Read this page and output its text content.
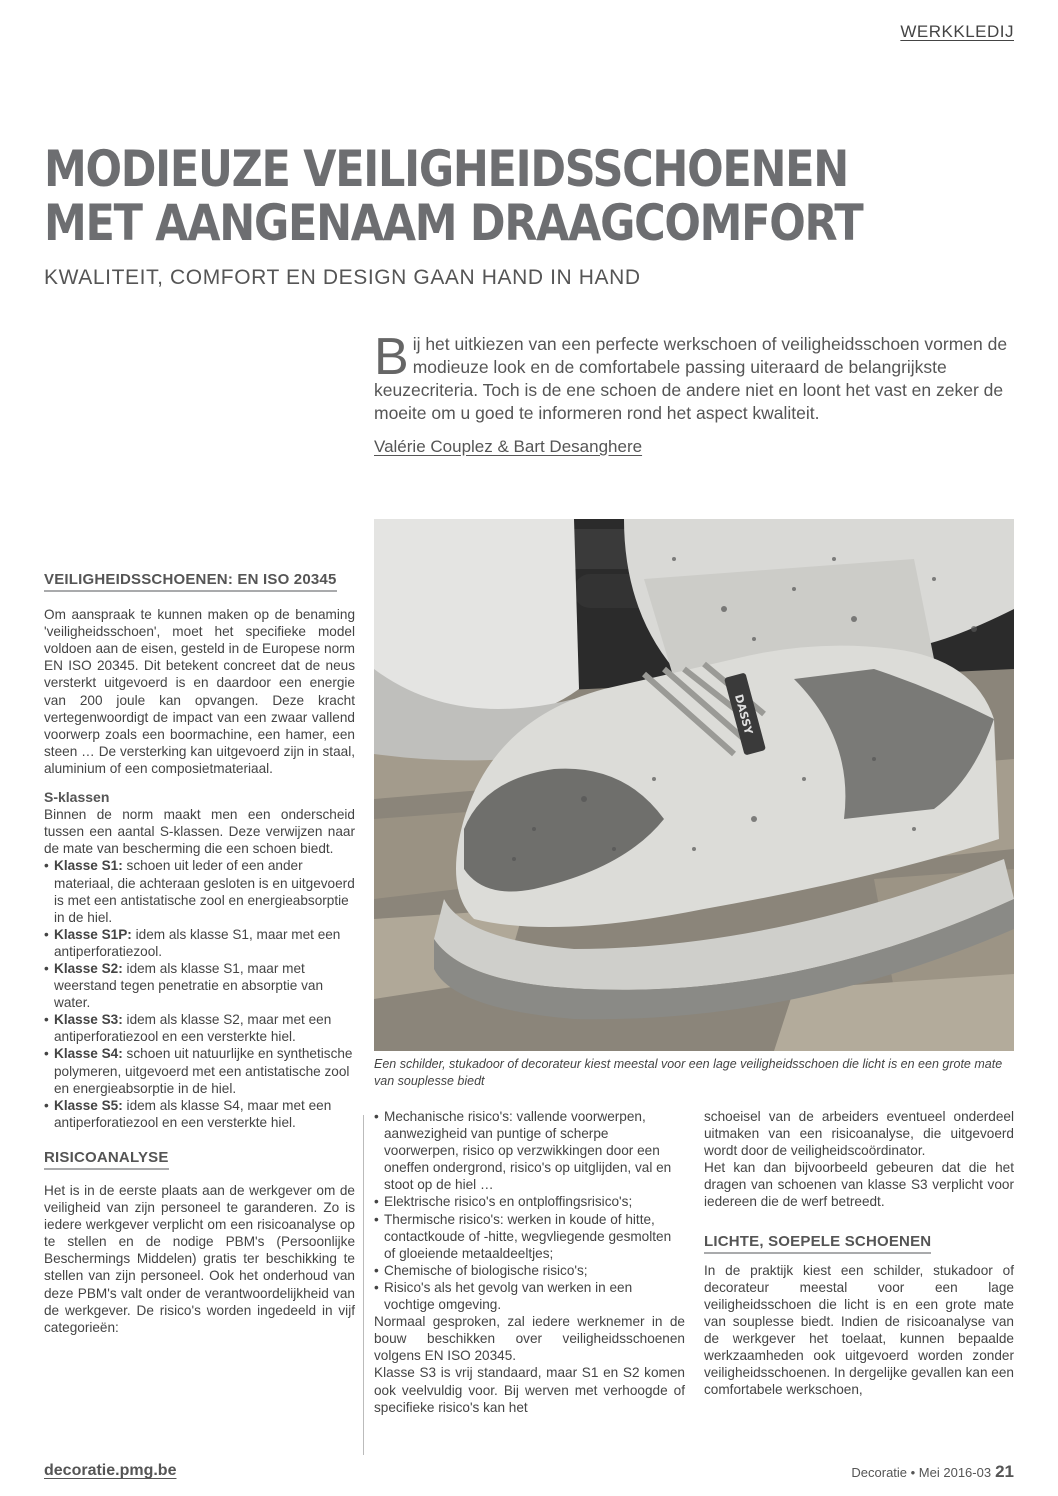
WERKKLEDIJ
MODIEUZE VEILIGHEIDSSCHOENEN
MET AANGENAAM DRAAGCOMFORT
KWALITEIT, COMFORT EN DESIGN GAAN HAND IN HAND
Bij het uitkiezen van een perfecte werkschoen of veiligheidsschoen vormen de modieuze look en de comfortabele passing uiteraard de belangrijkste keuzecriteria. Toch is de ene schoen de andere niet en loont het vast en zeker de moeite om u goed te informeren rond het aspect kwaliteit.
Valérie Couplez & Bart Desanghere
DASSY
Een schilder, stukadoor of decorateur kiest meestal voor een lage veiligheidsschoen die licht is en een grote mate van souplesse biedt
VEILIGHEIDSSCHOENEN: EN ISO 20345

Om aanspraak te kunnen maken op de benaming 'veiligheidsschoen', moet het specifieke model voldoen aan de eisen, gesteld in de Europese norm EN ISO 20345. Dit betekent concreet dat de neus versterkt uitgevoerd is en daardoor een energie van 200 joule kan opvangen. Deze kracht vertegenwoordigt de impact van een zwaar vallend voorwerp zoals een boormachine, een hamer, een steen … De versterking kan uitgevoerd zijn in staal, aluminium of een composietmateriaal.

S-klassen

Binnen de norm maakt men een onderscheid tussen een aantal S-klassen. Deze verwijzen naar de mate van bescherming die een schoen biedt.

• Klasse S1: schoen uit leder of een ander materiaal, die achteraan gesloten is en uitgevoerd is met een antistatische zool en energieabsorptie in de hiel.
• Klasse S1P: idem als klasse S1, maar met een antiperforatiezool.
• Klasse S2: idem als klasse S1, maar met weerstand tegen penetratie en absorptie van water.
• Klasse S3: idem als klasse S2, maar met een antiperforatiezool en een versterkte hiel.
• Klasse S4: schoen uit natuurlijke en synthetische polymeren, uitgevoerd met een antistatische zool en energieabsorptie in de hiel.
• Klasse S5: idem als klasse S4, maar met een antiperforatiezool en een versterkte hiel.
RISICOANALYSE

Het is in de eerste plaats aan de werkgever om de veiligheid van zijn personeel te garanderen. Zo is iedere werkgever verplicht om een risicoanalyse op te stellen en de nodige PBM's (Persoonlijke Beschermings Middelen) gratis ter beschikking te stellen van zijn personeel. Ook het onderhoud van deze PBM's valt onder de verantwoordelijkheid van de werkgever. De risico's worden ingedeeld in vijf categorieën:

• Mechanische risico's: vallende voorwerpen, aanwezigheid van puntige of scherpe voorwerpen, risico op verzwikkingen door een oneffen ondergrond, risico's op uitglijden, val en stoot op de hiel …
• Elektrische risico's en ontploffingsrisico's;
• Thermische risico's: werken in koude of hitte, contactkoude of -hitte, wegvliegende gesmolten of gloeiende metaaldeeltjes;
• Chemische of biologische risico's;
• Risico's als het gevolg van werken in een vochtige omgeving.

Normaal gesproken, zal iedere werknemer in de bouw beschikken over veiligheidsschoenen volgens EN ISO 20345.

Klasse S3 is vrij standaard, maar S1 en S2 komen ook veelvuldig voor. Bij werven met verhoogde of specifieke risico's kan het

schoeisel van de arbeiders eventueel onderdeel uitmaken van een risicoanalyse, die uitgevoerd wordt door de veiligheidscoördinator.

Het kan dan bijvoorbeeld gebeuren dat die het dragen van schoenen van klasse S3 verplicht voor iedereen die de werf betreedt.

LICHTE, SOEPELE SCHOENEN

In de praktijk kiest een schilder, stukadoor of decorateur meestal voor een lage veiligheidsschoen die licht is en een grote mate van souplesse biedt. Indien de risicoanalyse van de werkgever het toelaat, kunnen bepaalde werkzaamheden ook uitgevoerd worden zonder veiligheidsschoenen. In dergelijke gevallen kan een comfortabele werkschoen,

decoratie.pmg.be	Decoratie • Mei 2016-03 21
